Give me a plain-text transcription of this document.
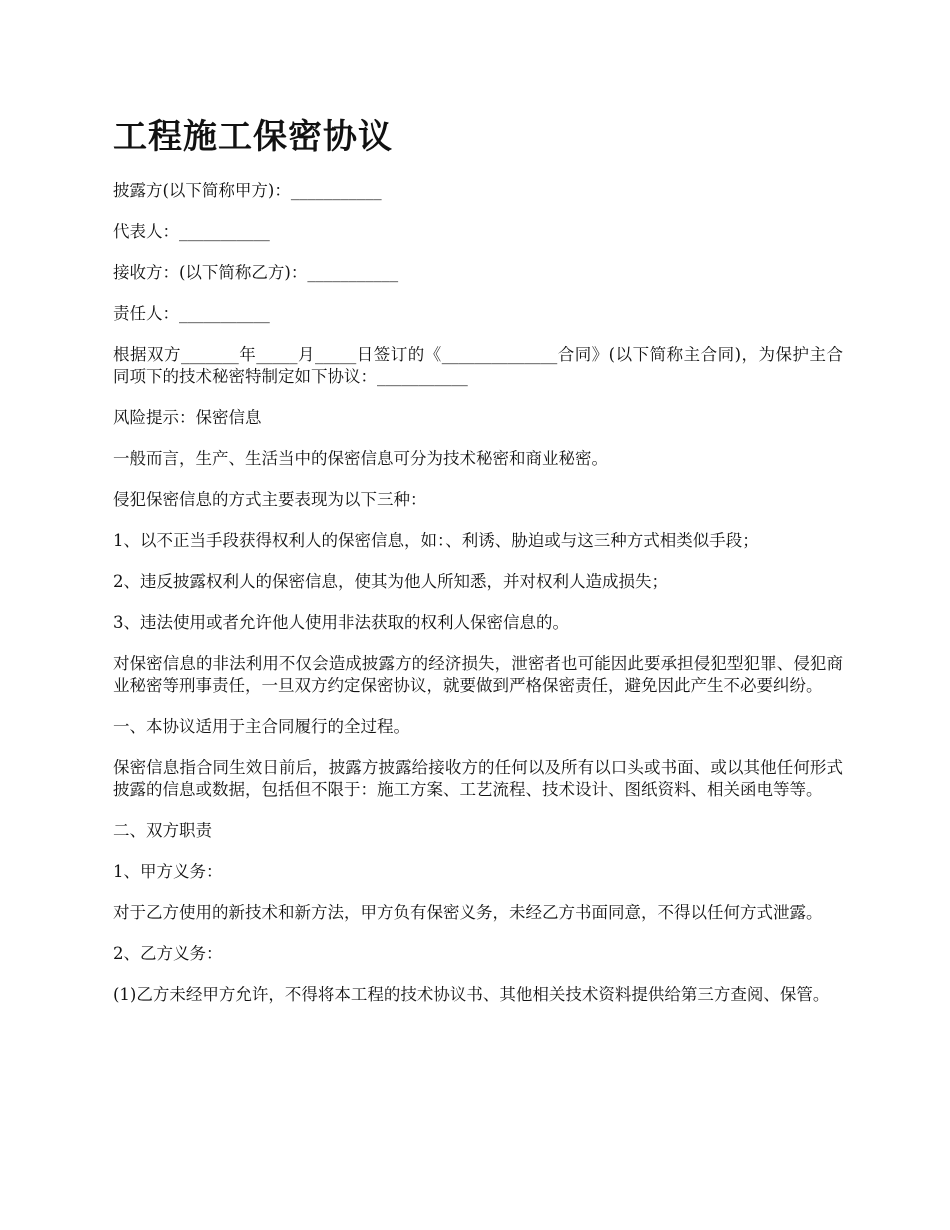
工程施工保密协议

披露方(以下简称甲方)：___________

代表人：___________

接收方：(以下简称乙方)：___________

责任人：___________

根据双方_______年_____月_____日签订的《______________合同》(以下简称主合同)，为保护主合同项下的技术秘密特制定如下协议：___________

风险提示：保密信息

一般而言，生产、生活当中的保密信息可分为技术秘密和商业秘密。

侵犯保密信息的方式主要表现为以下三种：

1、以不正当手段获得权利人的保密信息，如：、利诱、胁迫或与这三种方式相类似手段；

2、违反披露权利人的保密信息，使其为他人所知悉，并对权利人造成损失；

3、违法使用或者允许他人使用非法获取的权利人保密信息的。

对保密信息的非法利用不仅会造成披露方的经济损失，泄密者也可能因此要承担侵犯型犯罪、侵犯商业秘密等刑事责任，一旦双方约定保密协议，就要做到严格保密责任，避免因此产生不必要纠纷。

一、本协议适用于主合同履行的全过程。

保密信息指合同生效日前后，披露方披露给接收方的任何以及所有以口头或书面、或以其他任何形式披露的信息或数据，包括但不限于：施工方案、工艺流程、技术设计、图纸资料、相关函电等等。

二、双方职责

1、甲方义务：

对于乙方使用的新技术和新方法，甲方负有保密义务，未经乙方书面同意，不得以任何方式泄露。

2、乙方义务：

(1)乙方未经甲方允许，不得将本工程的技术协议书、其他相关技术资料提供给第三方查阅、保管。
